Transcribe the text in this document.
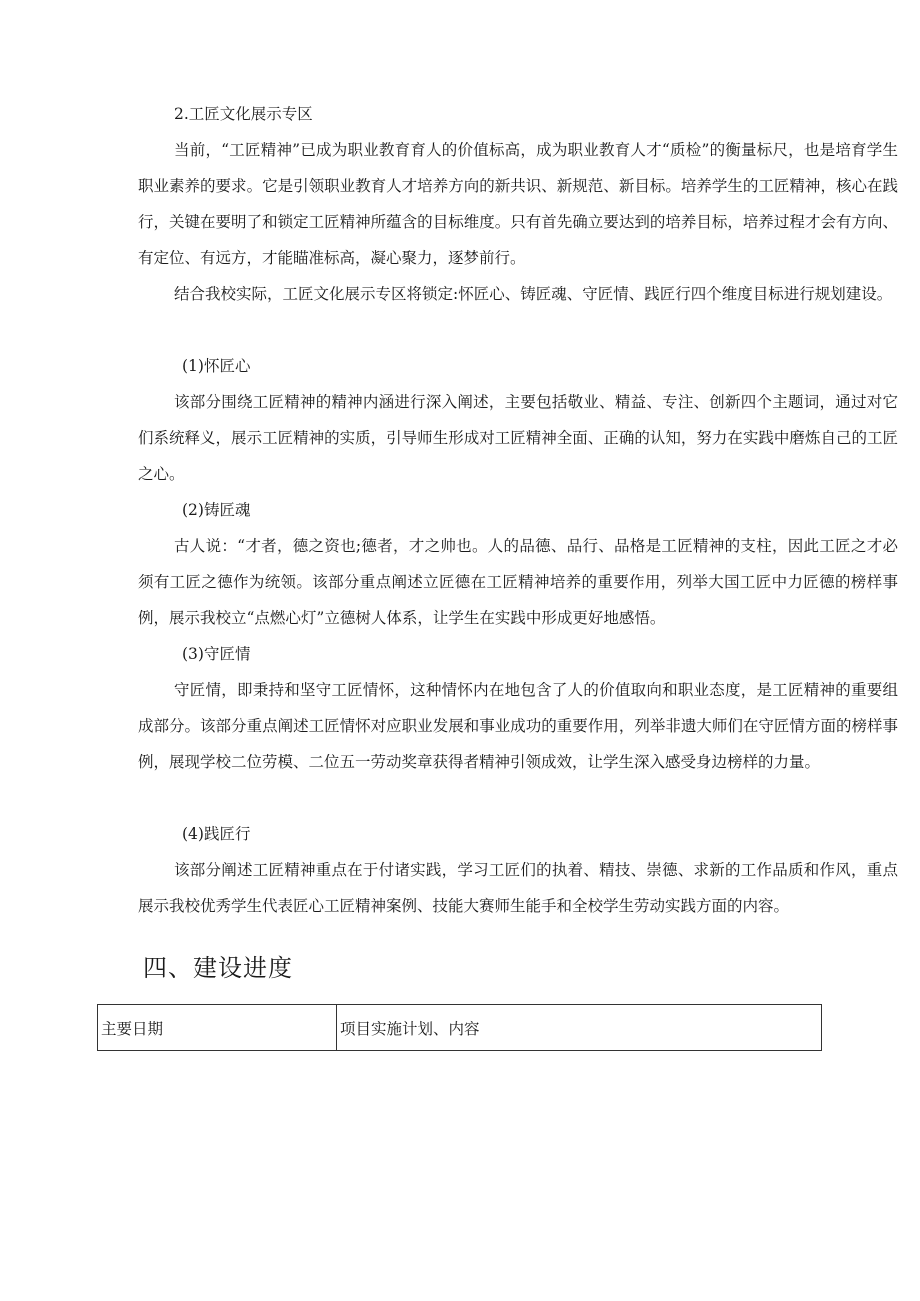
2.工匠文化展示专区
当前，“工匠精神”已成为职业教育育人的价值标高，成为职业教育人才“质检”的衡量标尺，也是培育学生职业素养的要求。它是引领职业教育人才培养方向的新共识、新规范、新目标。培养学生的工匠精神，核心在践行，关键在要明了和锁定工匠精神所蕴含的目标维度。只有首先确立要达到的培养目标，培养过程才会有方向、有定位、有远方，才能瞄准标高，凝心聚力，逐梦前行。
结合我校实际，工匠文化展示专区将锁定:怀匠心、铸匠魂、守匠情、践匠行四个维度目标进行规划建设。
(1)怀匠心
该部分围绕工匠精神的精神内涵进行深入阐述，主要包括敬业、精益、专注、创新四个主题词，通过对它们系统释义，展示工匠精神的实质，引导师生形成对工匠精神全面、正确的认知，努力在实践中磨炼自己的工匠之心。
(2)铸匠魂
古人说：“才者，德之资也;德者，才之帅也。人的品德、品行、品格是工匠精神的支柱，因此工匠之才必须有工匠之德作为统领。该部分重点阐述立匠德在工匠精神培养的重要作用，列举大国工匠中力匠德的榜样事例，展示我校立“点燃心灯”立德树人体系，让学生在实践中形成更好地感悟。
(3)守匠情
守匠情，即秉持和坚守工匠情怀，这种情怀内在地包含了人的价值取向和职业态度，是工匠精神的重要组成部分。该部分重点阐述工匠情怀对应职业发展和事业成功的重要作用，列举非遗大师们在守匠情方面的榜样事例，展现学校二位劳模、二位五一劳动奖章获得者精神引领成效，让学生深入感受身边榜样的力量。
(4)践匠行
该部分阐述工匠精神重点在于付诸实践，学习工匠们的执着、精技、崇德、求新的工作品质和作风，重点展示我校优秀学生代表匠心工匠精神案例、技能大赛师生能手和全校学生劳动实践方面的内容。
四、建设进度
主要日期	项目实施计划、内容
